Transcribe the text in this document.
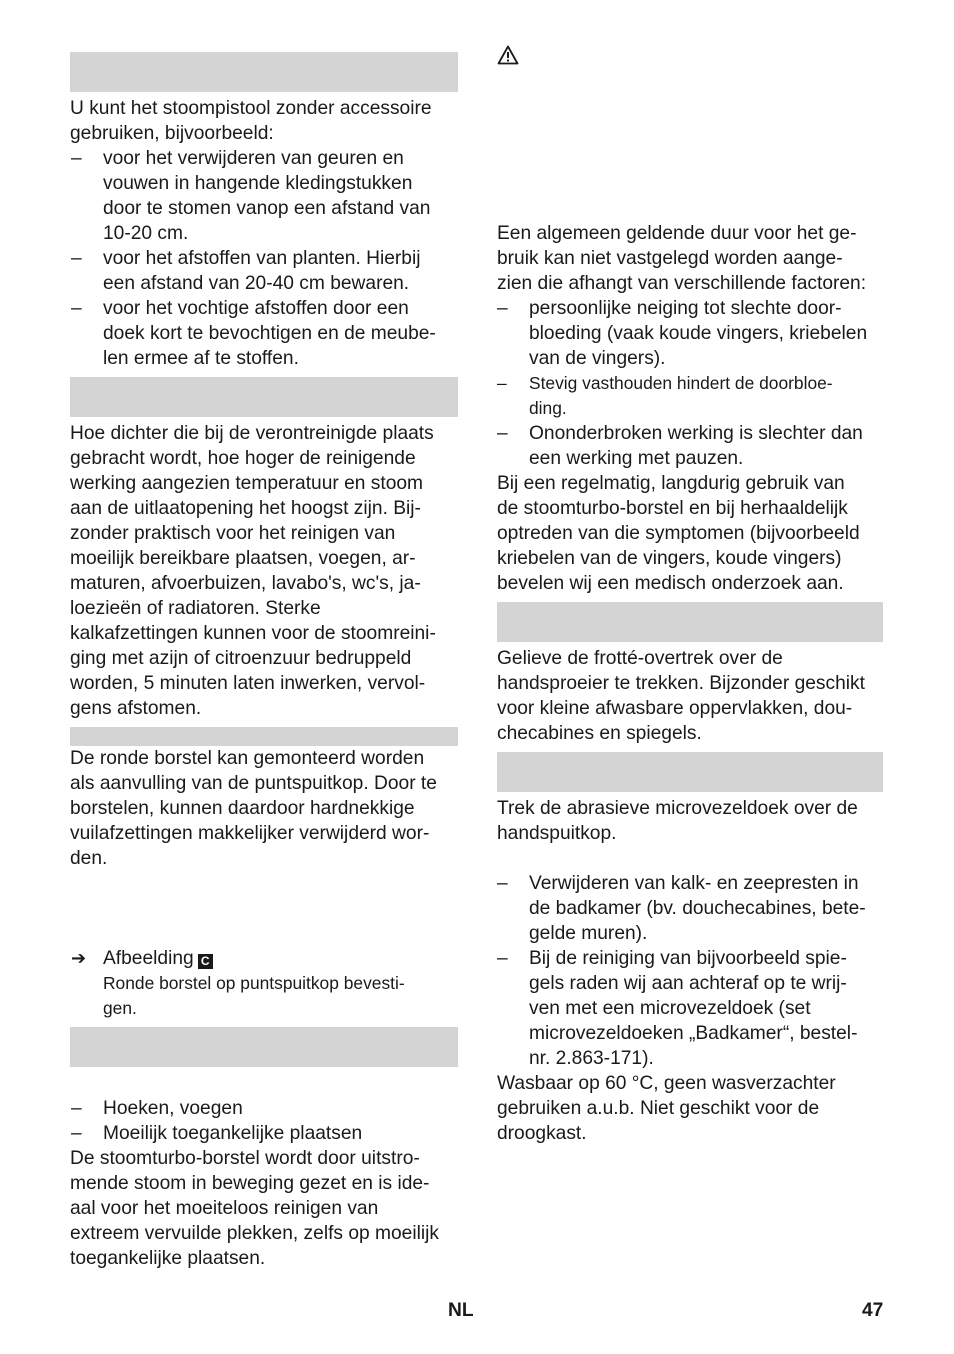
U kunt het stoompistool zonder accessoire
gebruiken, bijvoorbeeld:
– voor het verwijderen van geuren en
vouwen in hangende kledingstukken
door te stomen vanop een afstand van
10-20 cm.
– voor het afstoffen van planten. Hierbij
een afstand van 20-40 cm bewaren.
– voor het vochtige afstoffen door een
doek kort te bevochtigen en de meube-
len ermee af te stoffen.
Hoe dichter die bij de verontreinigde plaats
gebracht wordt, hoe hoger de reinigende
werking aangezien temperatuur en stoom
aan de uitlaatopening het hoogst zijn. Bij-
zonder praktisch voor het reinigen van
moeilijk bereikbare plaatsen, voegen, ar-
maturen, afvoerbuizen, lavabo's, wc's, ja-
loezieën of radiatoren. Sterke
kalkafzettingen kunnen voor de stoomreini-
ging met azijn of citroenzuur bedruppeld
worden, 5 minuten laten inwerken, vervol-
gens afstomen.
De ronde borstel kan gemonteerd worden
als aanvulling van de puntspuitkop. Door te
borstelen, kunnen daardoor hardnekkige
vuilafzettingen makkelijker verwijderd wor-
den.
➔ Afbeelding C
Ronde borstel op puntspuitkop bevesti-
gen.
– Hoeken, voegen
– Moeilijk toegankelijke plaatsen
De stoomturbo-borstel wordt door uitstro-
mende stoom in beweging gezet en is ide-
aal voor het moeiteloos reinigen van
extreem vervuilde plekken, zelfs op moeilijk
toegankelijke plaatsen.
Een algemeen geldende duur voor het ge-
bruik kan niet vastgelegd worden aange-
zien die afhangt van verschillende factoren:
– persoonlijke neiging tot slechte door-
bloeding (vaak koude vingers, kriebelen
van de vingers).
– Stevig vasthouden hindert de doorbloe-
ding.
– Ononderbroken werking is slechter dan
een werking met pauzen.
Bij een regelmatig, langdurig gebruik van
de stoomturbo-borstel en bij herhaaldelijk
optreden van die symptomen (bijvoorbeeld
kriebelen van de vingers, koude vingers)
bevelen wij een medisch onderzoek aan.
Gelieve de frotté-overtrek over de
handsproeier te trekken. Bijzonder geschikt
voor kleine afwasbare oppervlakken, dou-
checabines en spiegels.
Trek de abrasieve microvezeldoek over de
handspuitkop.
– Verwijderen van kalk- en zeepresten in
de badkamer (bv. douchecabines, bete-
gelde muren).
– Bij de reiniging van bijvoorbeeld spie-
gels raden wij aan achteraf op te wrij-
ven met een microvezeldoek (set
microvezeldoeken „Badkamer“, bestel-
nr. 2.863-171).
Wasbaar op 60 °C, geen wasverzachter
gebruiken a.u.b. Niet geschikt voor de
droogkast.
NL	47
